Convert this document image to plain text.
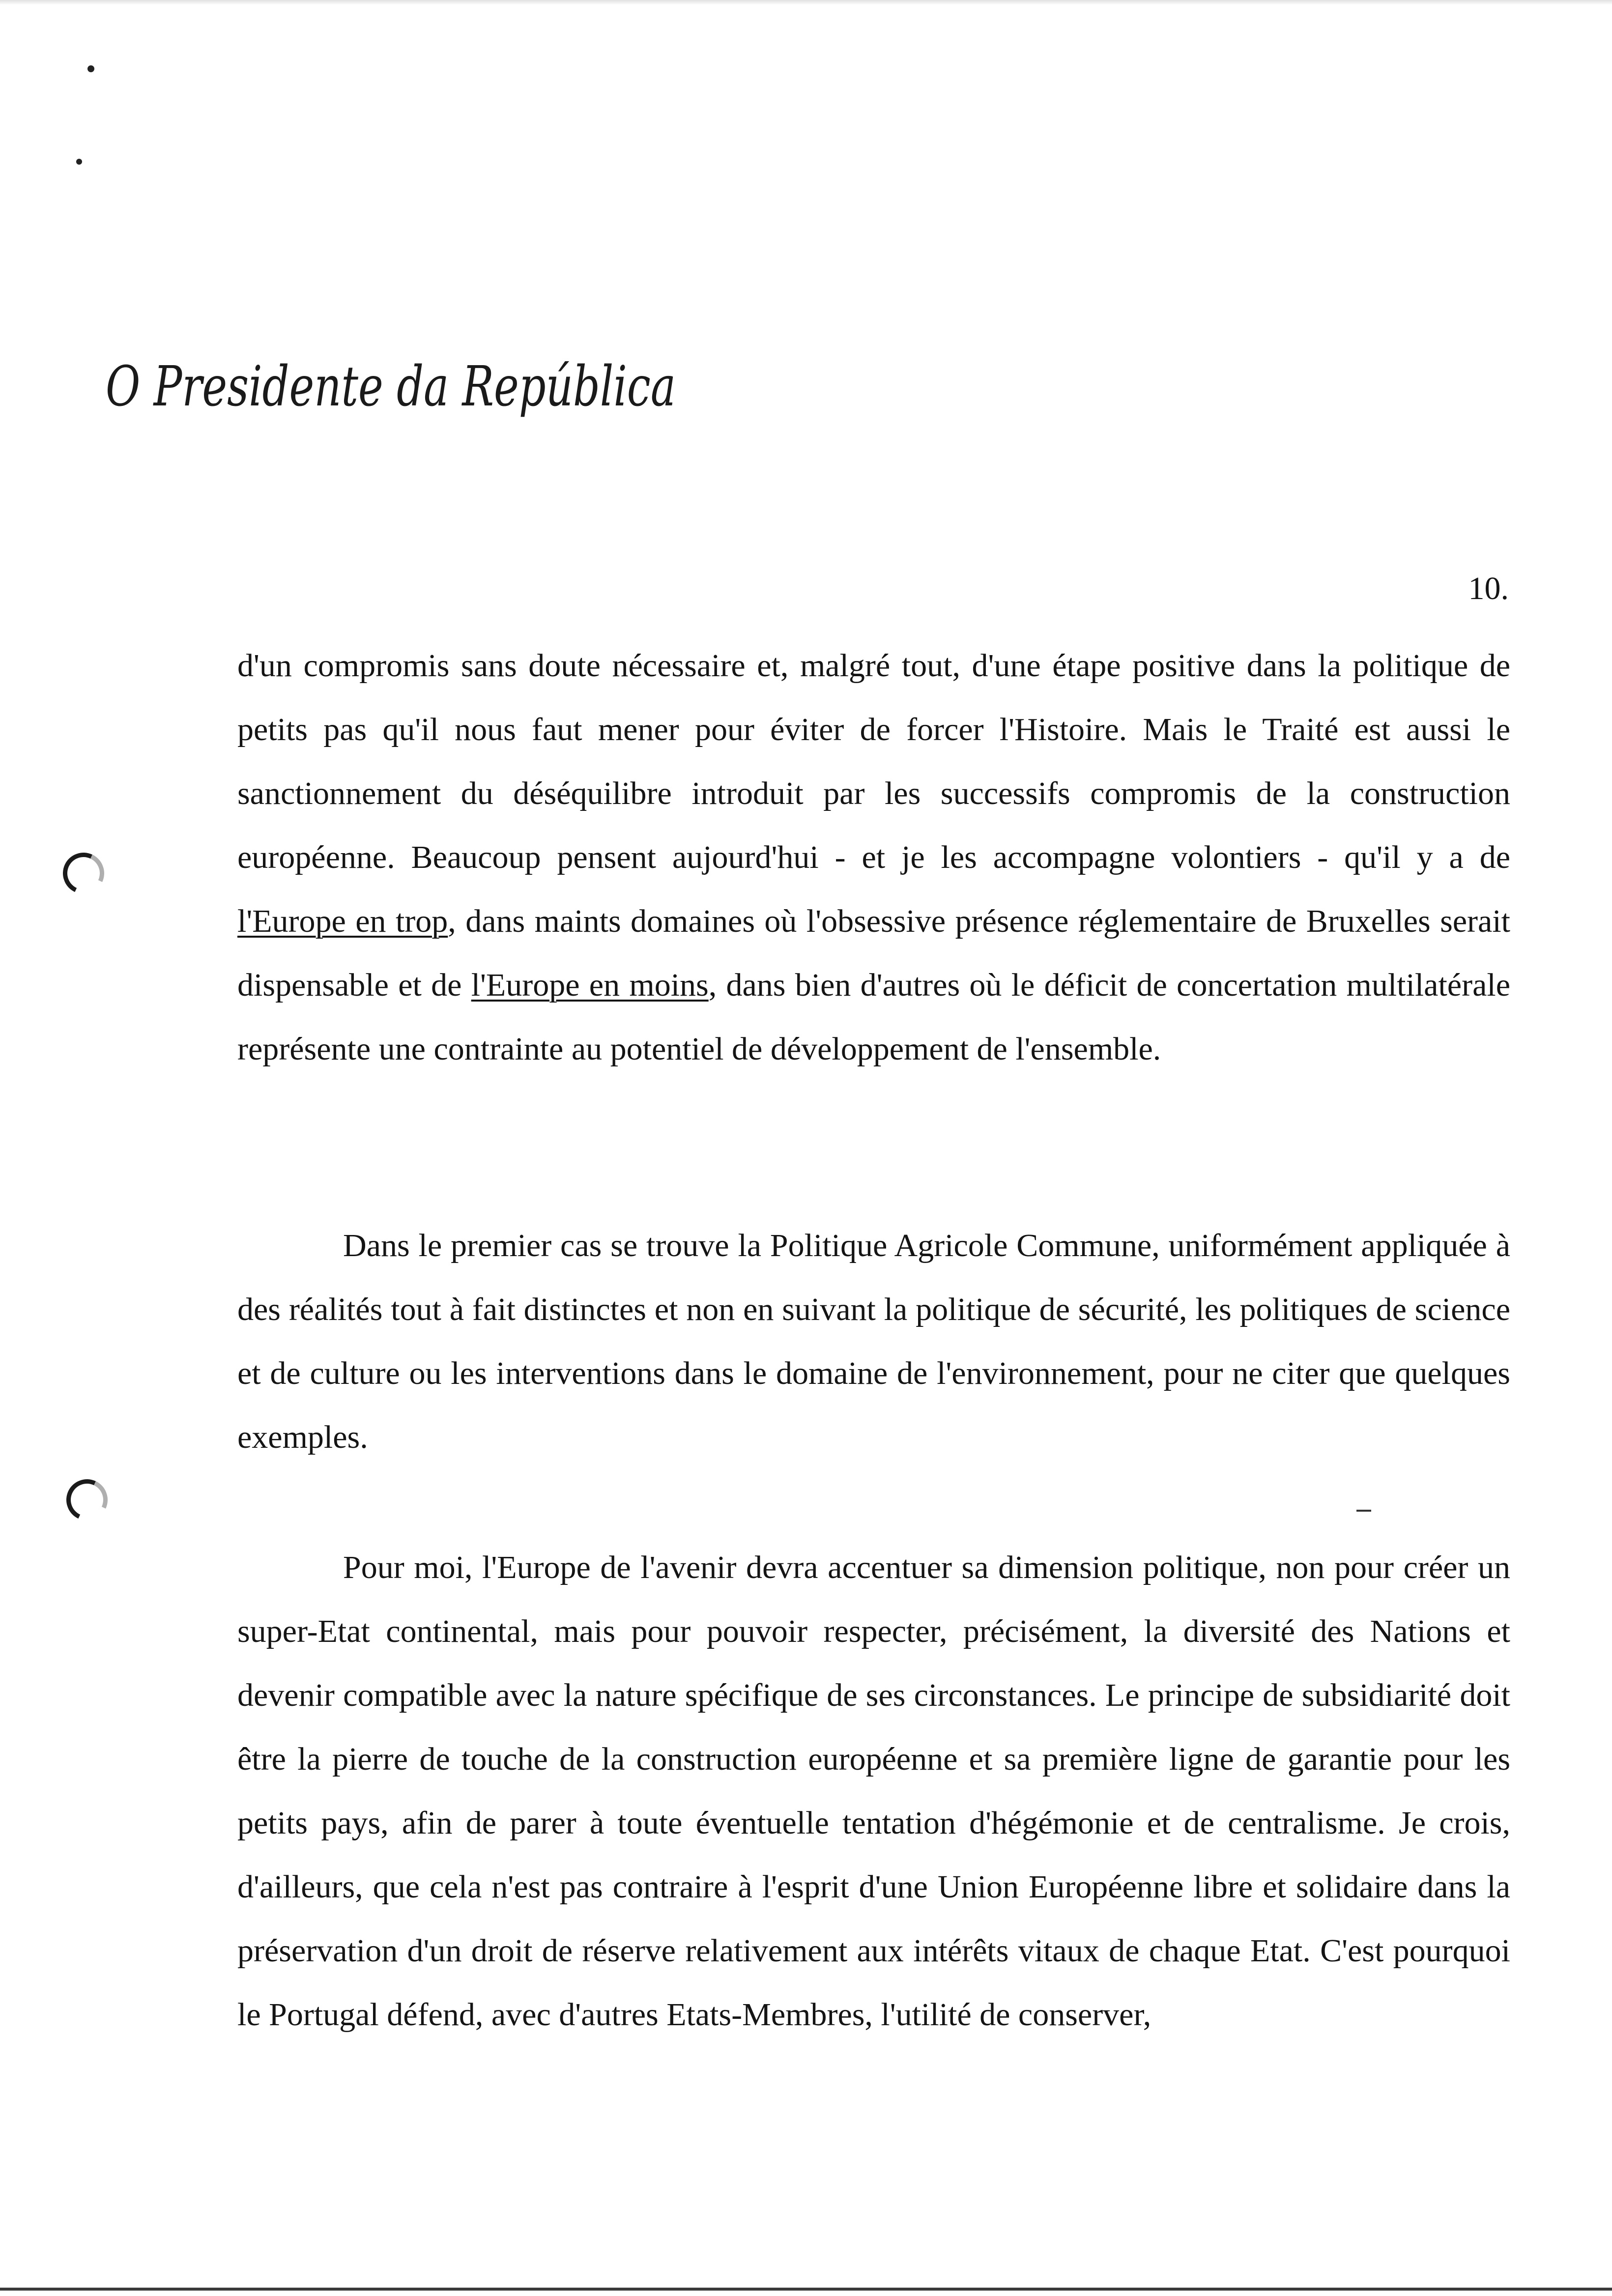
O Presidente da República
10.

d'un compromis sans doute nécessaire et, malgré tout, d'une étape positive dans la politique de petits pas qu'il nous faut mener pour éviter de forcer l'Histoire. Mais le Traité est aussi le sanctionnement du déséquilibre introduit par les successifs compromis de la construction européenne. Beaucoup pensent aujourd'hui - et je les accompagne volontiers - qu'il y a de l'Europe en trop, dans maints domaines où l'obsessive présence réglementaire de Bruxelles serait dispensable et de l'Europe en moins, dans bien d'autres où le déficit de concertation multilatérale représente une contrainte au potentiel de développement de l'ensemble.

Dans le premier cas se trouve la Politique Agricole Commune, uniformément appliquée à des réalités tout à fait distinctes et non en suivant la politique de sécurité, les politiques de science et de culture ou les interventions dans le domaine de l'environnement, pour ne citer que quelques exemples.

Pour moi, l'Europe de l'avenir devra accentuer sa dimension politique, non pour créer un super-Etat continental, mais pour pouvoir respecter, précisément, la diversité des Nations et devenir compatible avec la nature spécifique de ses circonstances. Le principe de subsidiarité doit être la pierre de touche de la construction européenne et sa première ligne de garantie pour les petits pays, afin de parer à toute éventuelle tentation d'hégémonie et de centralisme. Je crois, d'ailleurs, que cela n'est pas contraire à l'esprit d'une Union Européenne libre et solidaire dans la préservation d'un droit de réserve relativement aux intérêts vitaux de chaque Etat. C'est pourquoi le Portugal défend, avec d'autres Etats-Membres, l'utilité de conserver,
